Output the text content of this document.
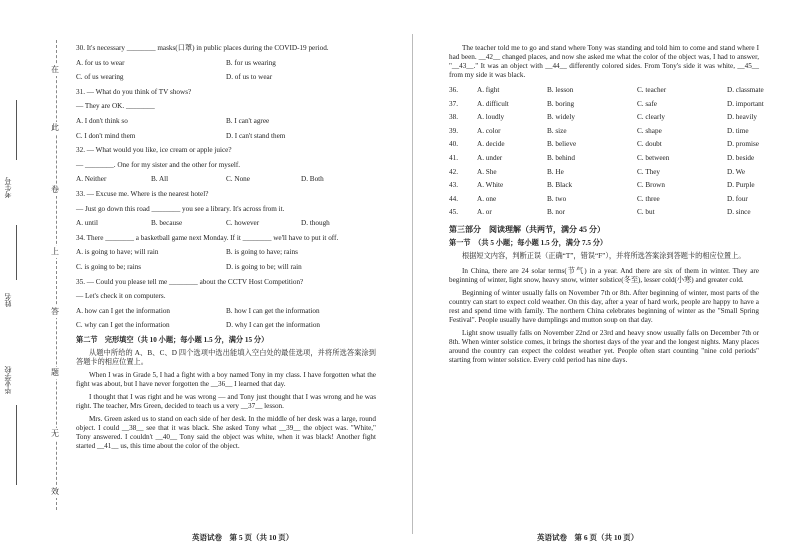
在
此
卷
上
答
题
无
效
考生号
姓名
毕业学校
30. It's necessary ________ masks(口罩) in public places during the COVID-19 period.
A. for us to wear	B. for us wearing
C. of us wearing	D. of us to wear
31. — What do you think of TV shows?
— They are OK. ________
A. I don't think so	B. I can't agree
C. I don't mind them	D. I can't stand them
32. — What would you like, ice cream or apple juice?
— ________. One for my sister and the other for myself.
A. Neither	B. All	C. None	D. Both
33. — Excuse me. Where is the nearest hotel?
— Just go down this road ________ you see a library. It's across from it.
A. until	B. because	C. however	D. though
34. There ________ a basketball game next Monday. If it ________ we'll have to put it off.
A. is going to have; will rain	B. is going to have; rains
C. is going to be; rains	D. is going to be; will rain
35. — Could you please tell me ________ about the CCTV Host Competition?
— Let's check it on computers.
A. how can I get the information	B. how I can get the information
C. why can I get the information	D. why I can get the information
第二节　完形填空（共 10 小题；每小题 1.5 分，满分 15 分）
从题中所给的 A、B、C、D 四个选项中选出能填入空白处的最佳选项，并将所选答案涂到答题卡的相应位置上。
When I was in Grade 5, I had a fight with a boy named Tony in my class. I have forgotten what the fight was about, but I have never forgotten the __36__ I learned that day.
I thought that I was right and he was wrong — and Tony just thought that I was wrong and he was right. The teacher, Mrs Green, decided to teach us a very __37__ lesson.
Mrs. Green asked us to stand on each side of her desk. In the middle of her desk was a large, round object. I could __38__ see that it was black. She asked Tony what __39__ the object was. "White," Tony answered. I couldn't __40__ Tony said the object was white, when it was black! Another fight started __41__ us, this time about the color of the object.
英语试卷　第 5 页（共 10 页）
The teacher told me to go and stand where Tony was standing and told him to come and stand where I had been. __42__ changed places, and now she asked me what the color of the object was, I had to answer, "__43__." It was an object with __44__ differently colored sides. From Tony's side it was white, __45__ from my side it was black.
36.	A. fight	B. lesson	C. teacher	D. classmate
37.	A. difficult	B. boring	C. safe	D. important
38.	A. loudly	B. widely	C. clearly	D. heavily
39.	A. color	B. size	C. shape	D. time
40.	A. decide	B. believe	C. doubt	D. promise
41.	A. under	B. behind	C. between	D. beside
42.	A. She	B. He	C. They	D. We
43.	A. White	B. Black	C. Brown	D. Purple
44.	A. one	B. two	C. three	D. four
45.	A. or	B. nor	C. but	D. since
第三部分　阅读理解（共两节，满分 45 分）
第一节　（共 5 小题；每小题 1.5 分，满分 7.5 分）
根据短文内容，判断正误（正确“T”，错误“F”），并将所选答案涂到答题卡的相应位置上。
In China, there are 24 solar terms(节气) in a year. And there are six of them in winter. They are beginning of winter, light snow, heavy snow, winter solstice(冬至), lesser cold(小寒) and greater cold.
Beginning of winter usually falls on November 7th or 8th. After beginning of winter, most parts of the country can start to expect cold weather. On this day, after a year of hard work, people are happy to have a rest and spend time with family. The northern China celebrates beginning of winter as the "Small Spring Festival". People usually have dumplings and mutton soup on that day.
Light snow usually falls on November 22nd or 23rd and heavy snow usually falls on December 7th or 8th. When winter solstice comes, it brings the shortest days of the year and the longest nights. Many places around the country can expect the coldest weather yet. People often start counting "nine cold periods" starting from winter solstice. Every cold period has nine days.
英语试卷　第 6 页（共 10 页）
